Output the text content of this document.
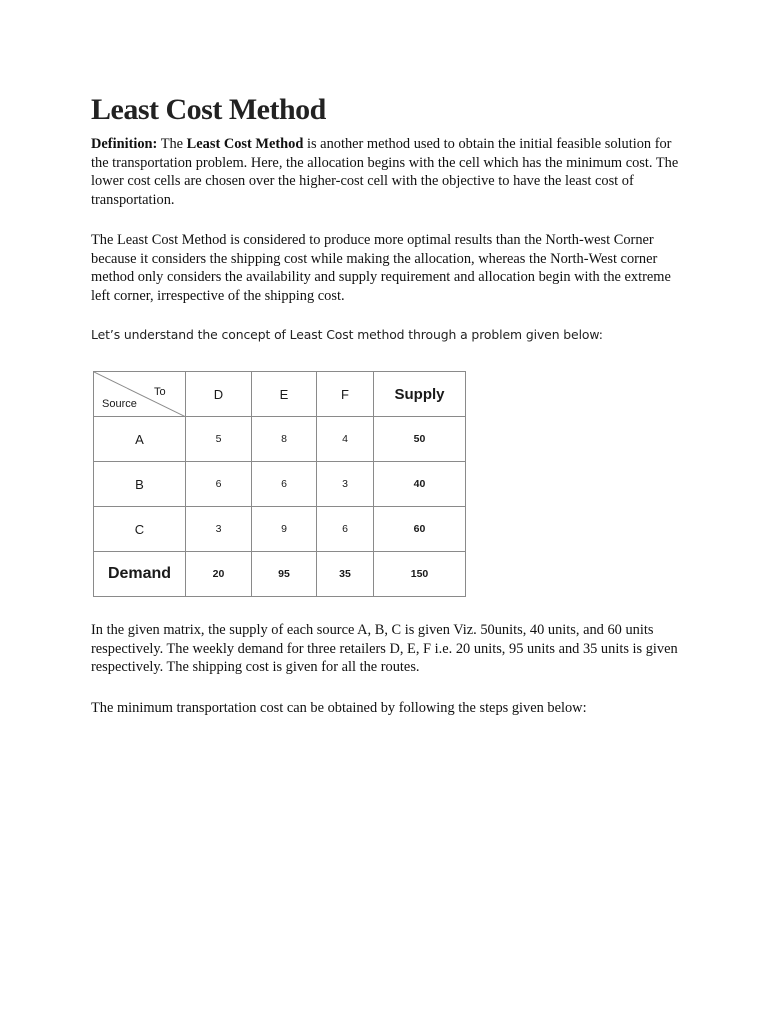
Least Cost Method

Definition: The Least Cost Method is another method used to obtain the initial feasible solution for the transportation problem. Here, the allocation begins with the cell which has the minimum cost. The lower cost cells are chosen over the higher-cost cell with the objective to have the least cost of transportation.

The Least Cost Method is considered to produce more optimal results than the North-west Corner because it considers the shipping cost while making the allocation, whereas the North-West corner method only considers the availability and supply requirement and allocation begin with the extreme left corner, irrespective of the shipping cost.

Let’s understand the concept of Least Cost method through a problem given below:

To
Source	D	E	F	Supply
A	5	8	4	50
B	6	6	3	40
C	3	9	6	60
Demand	20	95	35	150

In the given matrix, the supply of each source A, B, C is given Viz. 50units, 40 units, and 60 units respectively. The weekly demand for three retailers D, E, F i.e. 20 units, 95 units and 35 units is given respectively. The shipping cost is given for all the routes.

The minimum transportation cost can be obtained by following the steps given below:
